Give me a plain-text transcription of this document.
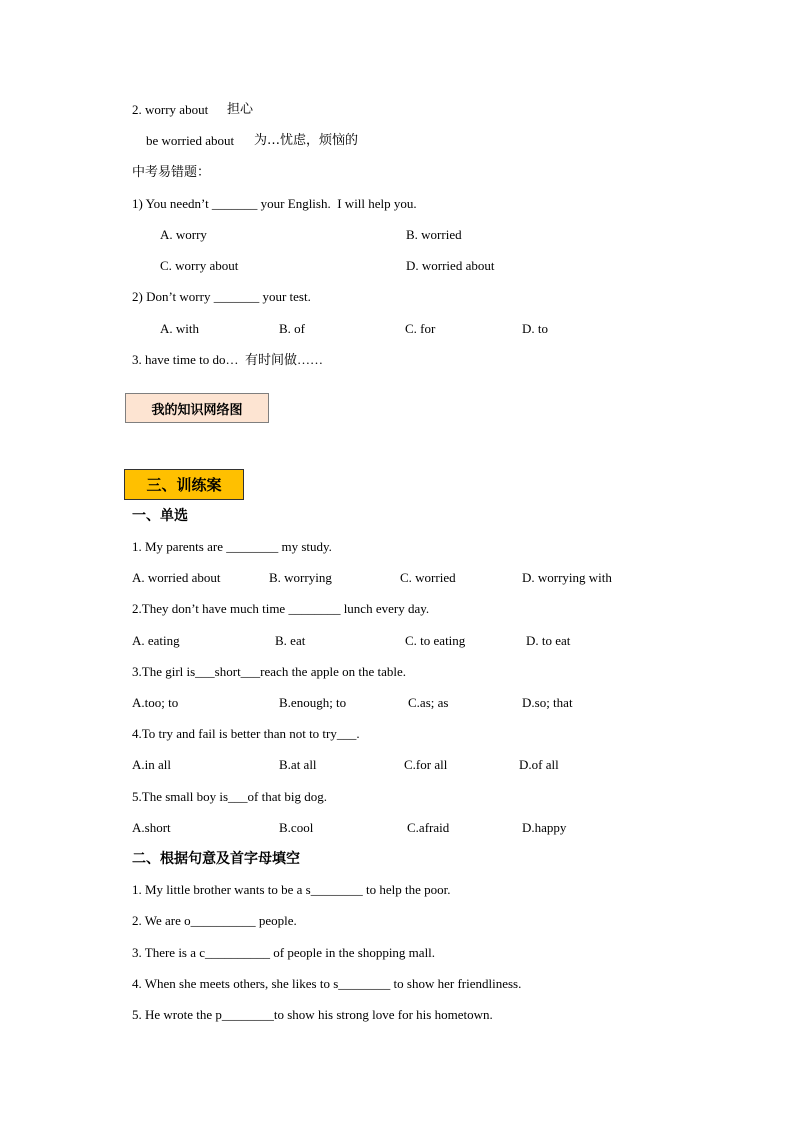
2. worry about 担心
be worried about 为…忧虑，烦恼的
中考易错题：
1) You needn’t _______ your English.  I will help you.
A. worry	B. worried
C. worry about	D. worried about
2) Don’t worry _______ your test.
A. with	B. of	C. for	D. to
3. have time to do…  有时间做……
我的知识网络图
三、训练案
一、单选
1. My parents are ________ my study.
A. worried about	B. worrying	C. worried	D. worrying with
2.They don’t have much time ________ lunch every day.
A. eating	B. eat	C. to eating	D. to eat
3.The girl is___short___reach the apple on the table.
A.too; to	B.enough; to	C.as; as	D.so; that
4.To try and fail is better than not to try___.
A.in all	B.at all	C.for all	D.of all
5.The small boy is___of that big dog.
A.short	B.cool	C.afraid	D.happy
二、根据句意及首字母填空
1. My little brother wants to be a s________ to help the poor.
2. We are o__________ people.
3. There is a c__________ of people in the shopping mall.
4. When she meets others, she likes to s________ to show her friendliness.
5. He wrote the p________to show his strong love for his hometown.
